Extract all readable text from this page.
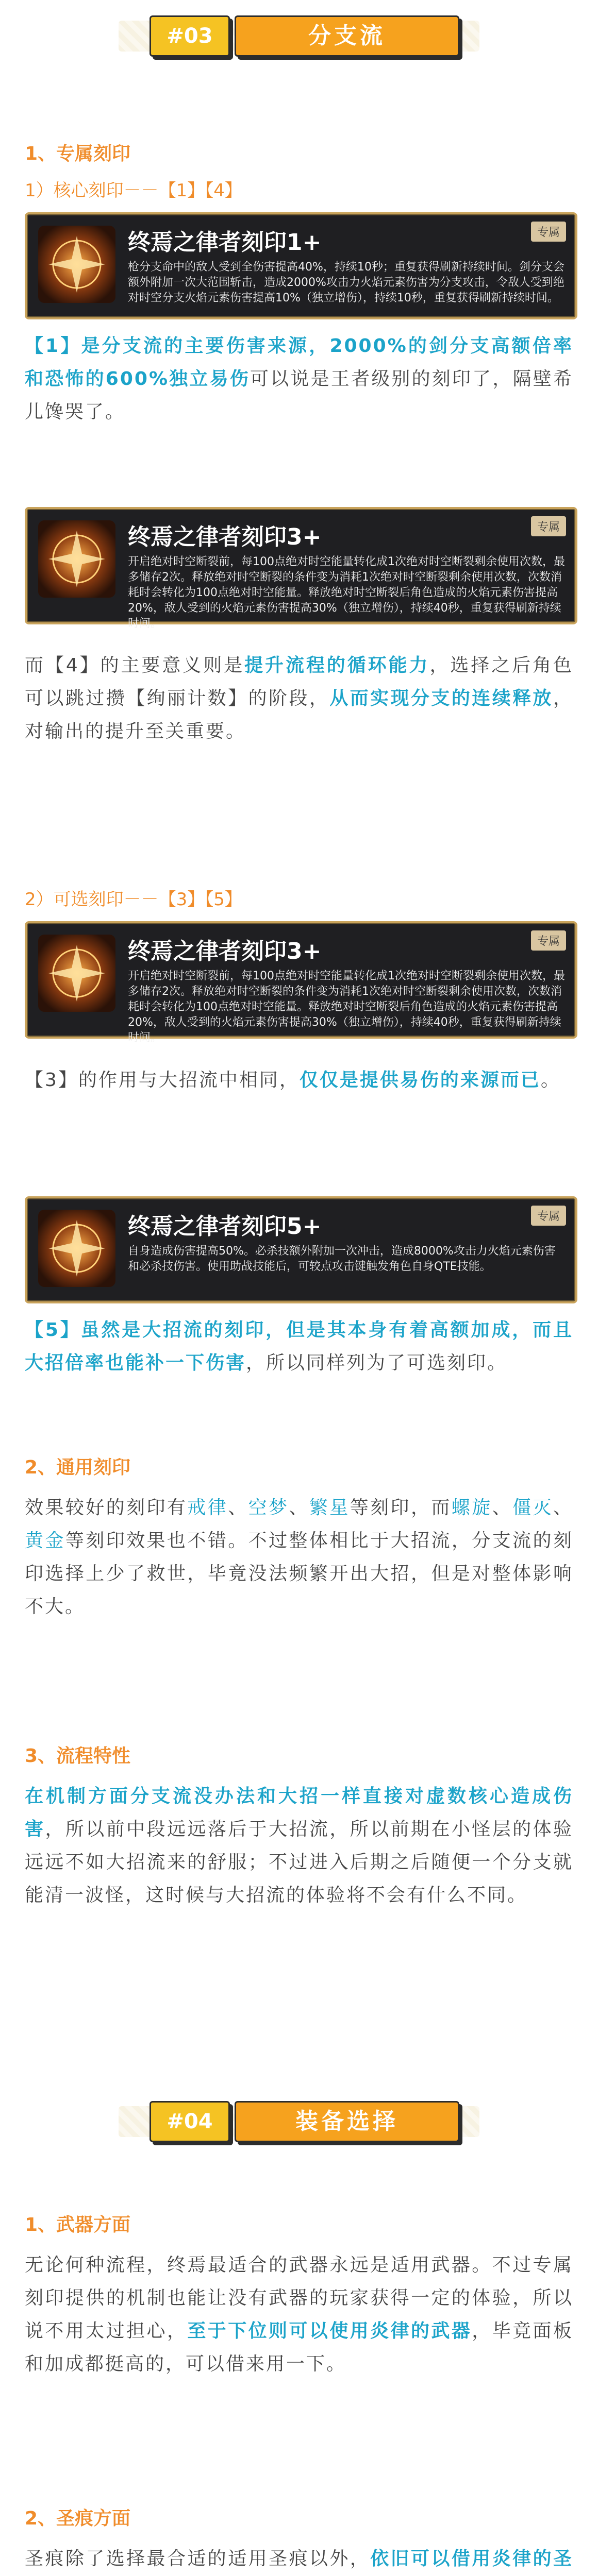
#03	分支流
1、专属刻印
1）核心刻印－－【1】【4】
终焉之律者刻印1+	专属
枪分支命中的敌人受到全伤害提高40%，持续10秒；重复获得刷新持续时间。剑分支会额外附加一次大范围斩击，造成2000%攻击力火焰元素伤害为分支攻击，令敌人受到绝对时空分支火焰元素伤害提高10%（独立增伤），持续10秒，重复获得刷新持续时间。
【1】是分支流的主要伤害来源，2000%的剑分支高额倍率和恐怖的600%独立易伤可以说是王者级别的刻印了，隔壁希儿馋哭了。
终焉之律者刻印3+	专属
开启绝对时空断裂前，每100点绝对时空能量转化成1次绝对时空断裂剩余使用次数，最多储存2次。释放绝对时空断裂的条件变为消耗1次绝对时空断裂剩余使用次数，次数消耗时会转化为100点绝对时空能量。释放绝对时空断裂后角色造成的火焰元素伤害提高20%，敌人受到的火焰元素伤害提高30%（独立增伤），持续40秒，重复获得刷新持续时间。
而【4】的主要意义则是提升流程的循环能力，选择之后角色可以跳过攒【绚丽计数】的阶段，从而实现分支的连续释放，对输出的提升至关重要。
2）可选刻印－－【3】【5】
终焉之律者刻印3+	专属
开启绝对时空断裂前，每100点绝对时空能量转化成1次绝对时空断裂剩余使用次数，最多储存2次。释放绝对时空断裂的条件变为消耗1次绝对时空断裂剩余使用次数，次数消耗时会转化为100点绝对时空能量。释放绝对时空断裂后角色造成的火焰元素伤害提高20%，敌人受到的火焰元素伤害提高30%（独立增伤），持续40秒，重复获得刷新持续时间。
【3】的作用与大招流中相同，仅仅是提供易伤的来源而已。
终焉之律者刻印5+	专属
自身造成伤害提高50%。必杀技额外附加一次冲击，造成8000%攻击力火焰元素伤害和必杀技伤害。使用助战技能后，可较点攻击键触发角色自身QTE技能。
【5】虽然是大招流的刻印，但是其本身有着高额加成，而且大招倍率也能补一下伤害，所以同样列为了可选刻印。
2、通用刻印
效果较好的刻印有戒律、空梦、繁星等刻印，而螺旋、僵灭、黄金等刻印效果也不错。不过整体相比于大招流，分支流的刻印选择上少了救世，毕竟没法频繁开出大招，但是对整体影响不大。
3、流程特性
在机制方面分支流没办法和大招一样直接对虚数核心造成伤害，所以前中段远远落后于大招流，所以前期在小怪层的体验远远不如大招流来的舒服；不过进入后期之后随便一个分支就能清一波怪，这时候与大招流的体验将不会有什么不同。
#04	装备选择
1、武器方面
无论何种流程，终焉最适合的武器永远是适用武器。不过专属刻印提供的机制也能让没有武器的玩家获得一定的体验，所以说不用太过担心，至于下位则可以使用炎律的武器，毕竟面板和加成都挺高的，可以借来用一下。
2、圣痕方面
圣痕除了选择最合适的适用圣痕以外，依旧可以借用炎律的圣
